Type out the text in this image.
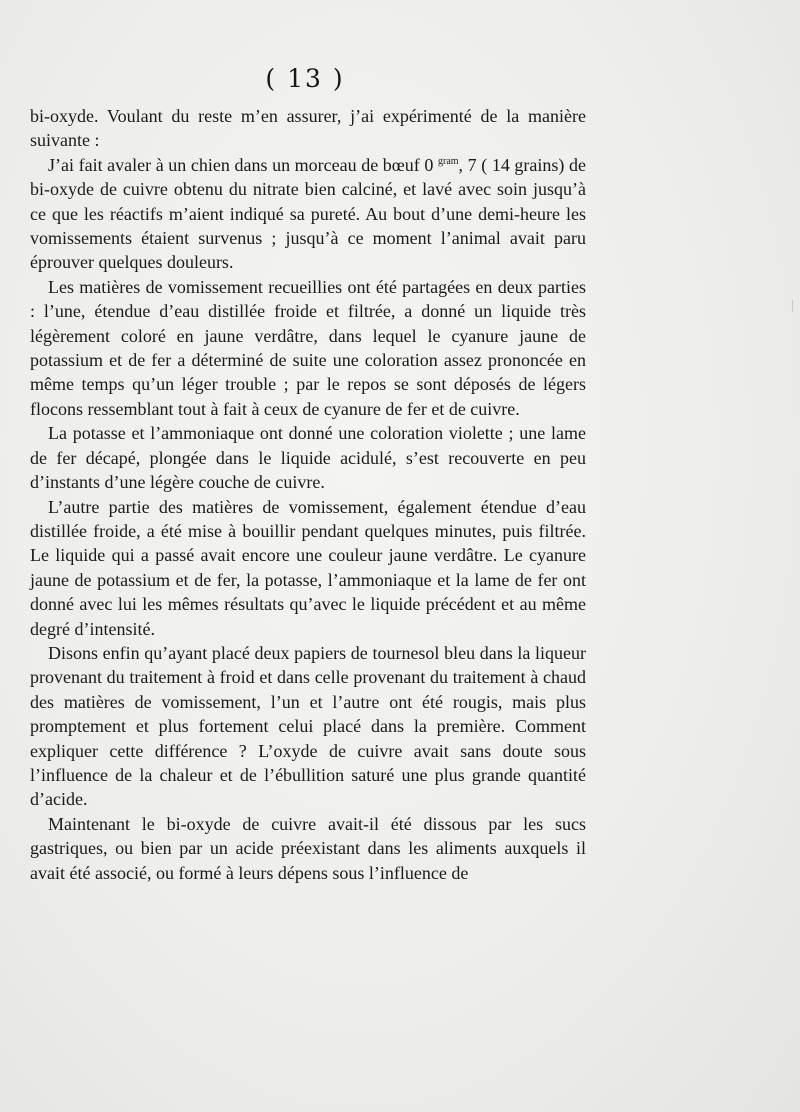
( 13 )

bi-oxyde. Voulant du reste m’en assurer, j’ai expérimenté de la manière suivante :

J’ai fait avaler à un chien dans un morceau de bœuf 0 $^{gram}$, 7 ( 14 grains) de bi-oxyde de cuivre obtenu du nitrate bien calciné, et lavé avec soin jusqu’à ce que les réactifs m’aient indiqué sa pureté. Au bout d’une demi-heure les vomissements étaient survenus ; jusqu’à ce moment l’animal avait paru éprouver quelques douleurs.

Les matières de vomissement recueillies ont été partagées en deux parties : l’une, étendue d’eau distillée froide et filtrée, a donné un liquide très légèrement coloré en jaune verdâtre, dans lequel le cyanure jaune de potassium et de fer a déterminé de suite une coloration assez prononcée en même temps qu’un léger trouble ; par le repos se sont déposés de légers flocons ressemblant tout à fait à ceux de cyanure de fer et de cuivre.

La potasse et l’ammoniaque ont donné une coloration violette ; une lame de fer décapé, plongée dans le liquide acidulé, s’est recouverte en peu d’instants d’une légère couche de cuivre.

L’autre partie des matières de vomissement, également étendue d’eau distillée froide, a été mise à bouillir pendant quelques minutes, puis filtrée. Le liquide qui a passé avait encore une couleur jaune verdâtre. Le cyanure jaune de potassium et de fer, la potasse, l’ammoniaque et la lame de fer ont donné avec lui les mêmes résultats qu’avec le liquide précédent et au même degré d’intensité.

Disons enfin qu’ayant placé deux papiers de tournesol bleu dans la liqueur provenant du traitement à froid et dans celle provenant du traitement à chaud des matières de vomissement, l’un et l’autre ont été rougis, mais plus promptement et plus fortement celui placé dans la première. Comment expliquer cette différence ? L’oxyde de cuivre avait sans doute sous l’influence de la chaleur et de l’ébullition saturé une plus grande quantité d’acide.

Maintenant le bi-oxyde de cuivre avait-il été dissous par les sucs gastriques, ou bien par un acide préexistant dans les aliments auxquels il avait été associé, ou formé à leurs dépens sous l’influence de
